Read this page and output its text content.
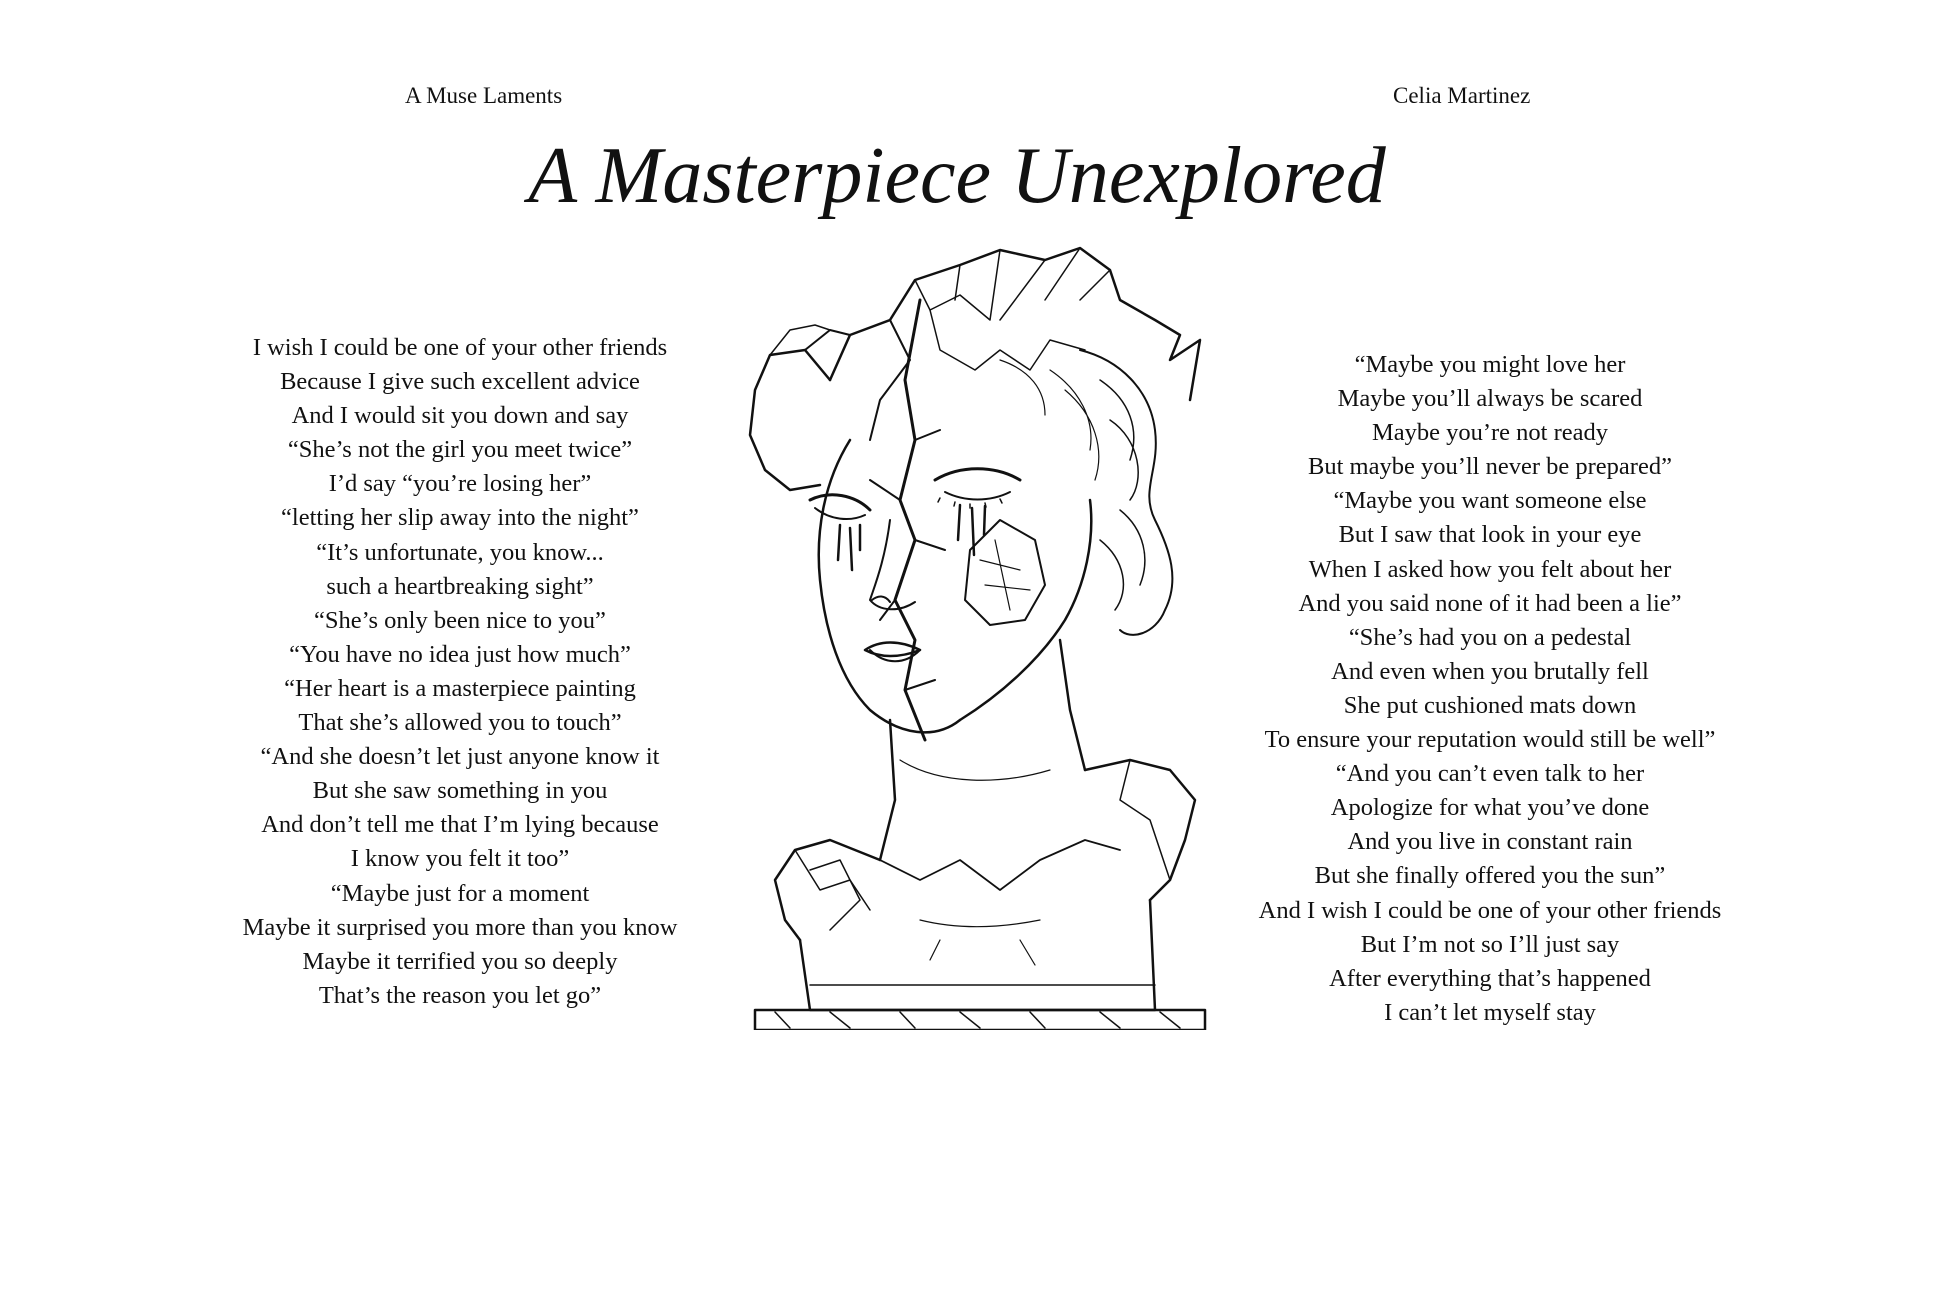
A Muse Laments	Celia Martinez
A Masterpiece Unexplored
I wish I could be one of your other friends
Because I give such excellent advice
And I would sit you down and say
“She’s not the girl you meet twice”
I’d say “you’re losing her”
“letting her slip away into the night”
“It’s unfortunate, you know...
such a heartbreaking sight”
“She’s only been nice to you”
“You have no idea just how much”
“Her heart is a masterpiece painting
That she’s allowed you to touch”
“And she doesn’t let just anyone know it
But she saw something in you
And don’t tell me that I’m lying because
I know you felt it too”
“Maybe just for a moment
Maybe it surprised you more than you know
Maybe it terrified you so deeply
That’s the reason you let go”
“Maybe you might love her
Maybe you’ll always be scared
Maybe you’re not ready
But maybe you’ll never be prepared”
“Maybe you want someone else
But I saw that look in your eye
When I asked how you felt about her
And you said none of it had been a lie”
“She’s had you on a pedestal
And even when you brutally fell
She put cushioned mats down
To ensure your reputation would still be well”
“And you can’t even talk to her
Apologize for what you’ve done
And you live in constant rain
But she finally offered you the sun”
And I wish I could be one of your other friends
But I’m not so I’ll just say
After everything that’s happened
I can’t let myself stay
